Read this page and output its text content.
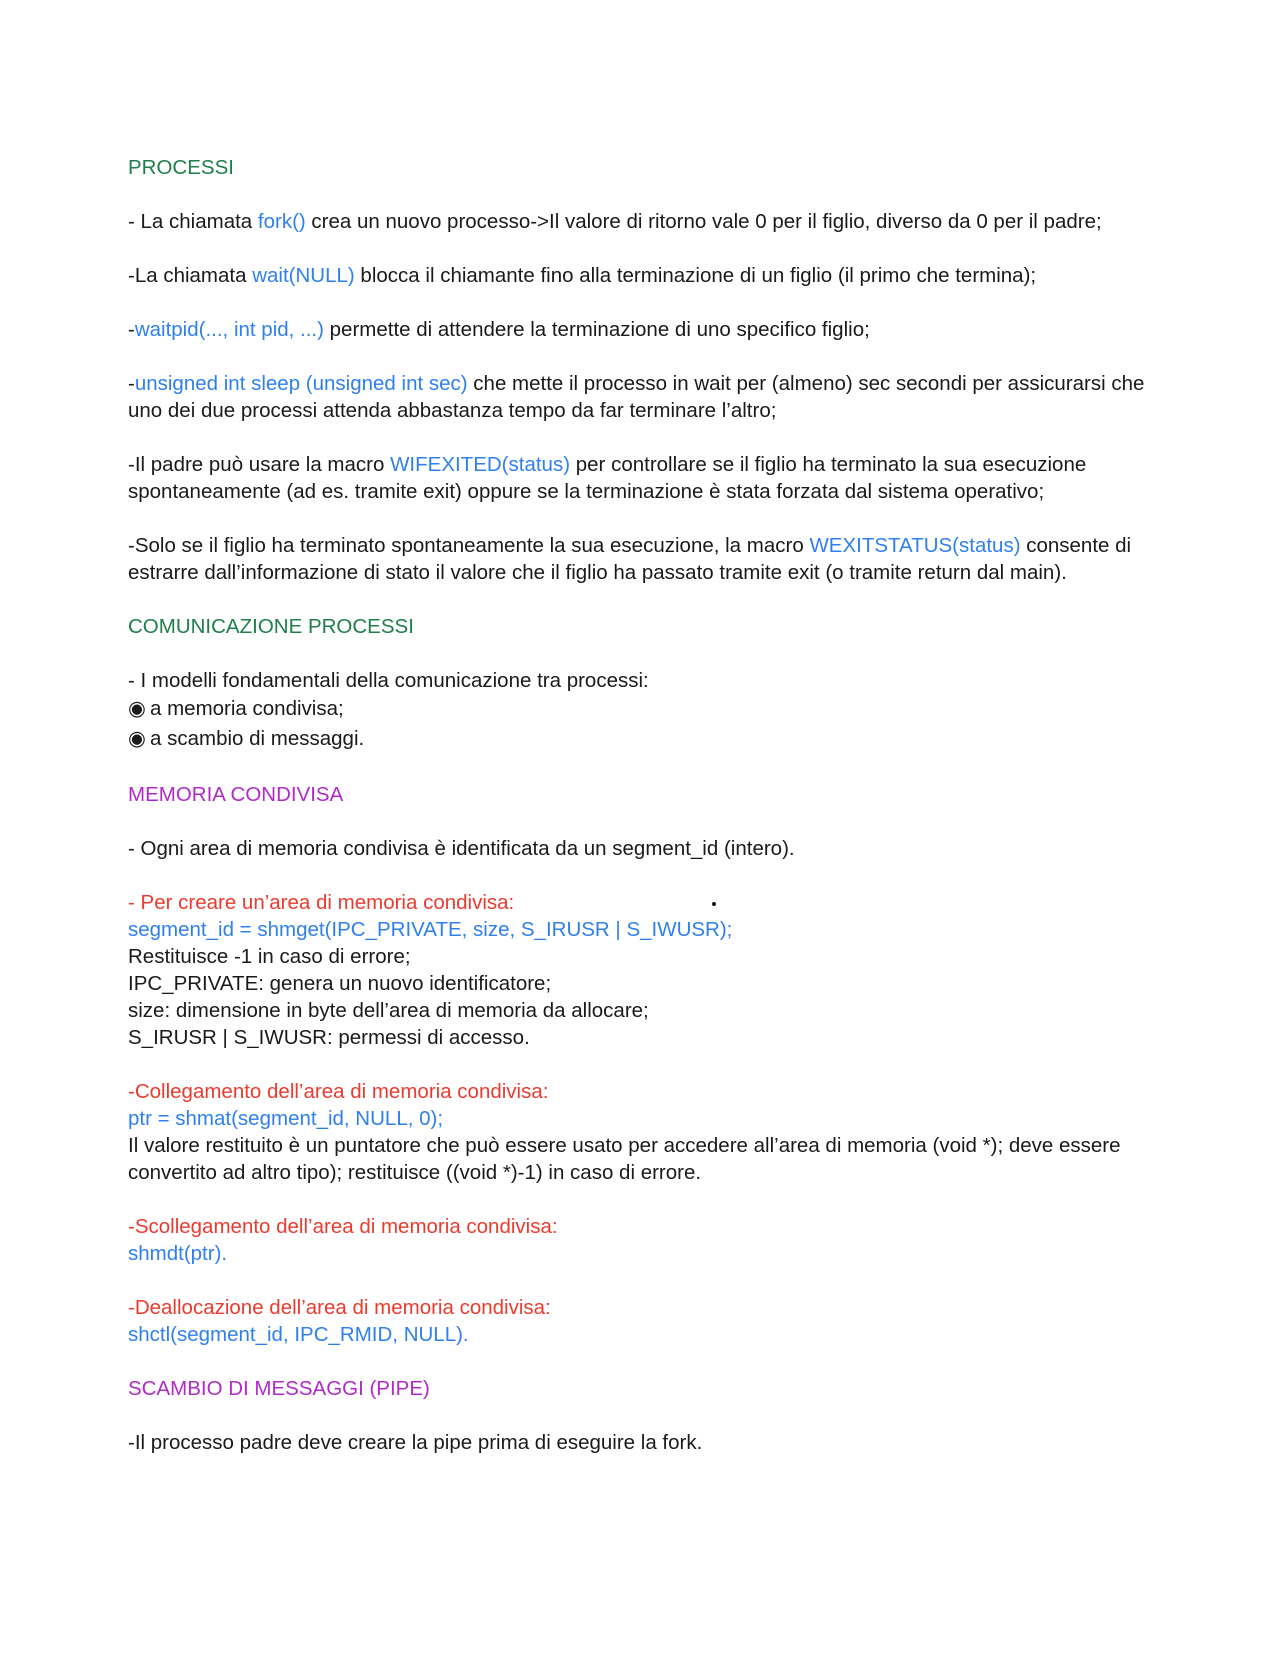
PROCESSI

- La chiamata fork() crea un nuovo processo->Il valore di ritorno vale 0 per il figlio, diverso da 0 per il padre;

-La chiamata wait(NULL) blocca il chiamante fino alla terminazione di un figlio (il primo che termina);

-waitpid(..., int pid, ...) permette di attendere la terminazione di uno specifico figlio;

-unsigned int sleep (unsigned int sec) che mette il processo in wait per (almeno) sec secondi per assicurarsi che uno dei due processi attenda abbastanza tempo da far terminare l’altro;

-Il padre può usare la macro WIFEXITED(status) per controllare se il figlio ha terminato la sua esecuzione spontaneamente (ad es. tramite exit) oppure se la terminazione è stata forzata dal sistema operativo;

-Solo se il figlio ha terminato spontaneamente la sua esecuzione, la macro WEXITSTATUS(status) consente di estrarre dall’informazione di stato il valore che il figlio ha passato tramite exit (o tramite return dal main).

COMUNICAZIONE PROCESSI

- I modelli fondamentali della comunicazione tra processi:

◉ a memoria condivisa;

◉ a scambio di messaggi.

MEMORIA CONDIVISA

- Ogni area di memoria condivisa è identificata da un segment_id (intero).

- Per creare un’area di memoria condivisa:

segment_id = shmget(IPC_PRIVATE, size, S_IRUSR | S_IWUSR);

Restituisce -1 in caso di errore;

IPC_PRIVATE: genera un nuovo identificatore;

size: dimensione in byte dell’area di memoria da allocare;

S_IRUSR | S_IWUSR: permessi di accesso.

-Collegamento dell’area di memoria condivisa:

ptr = shmat(segment_id, NULL, 0);

Il valore restituito è un puntatore che può essere usato per accedere all’area di memoria (void *); deve essere convertito ad altro tipo); restituisce ((void *)-1) in caso di errore.

-Scollegamento dell’area di memoria condivisa:

shmdt(ptr).

-Deallocazione dell’area di memoria condivisa:

shctl(segment_id, IPC_RMID, NULL).

SCAMBIO DI MESSAGGI (PIPE)

-Il processo padre deve creare la pipe prima di eseguire la fork.
